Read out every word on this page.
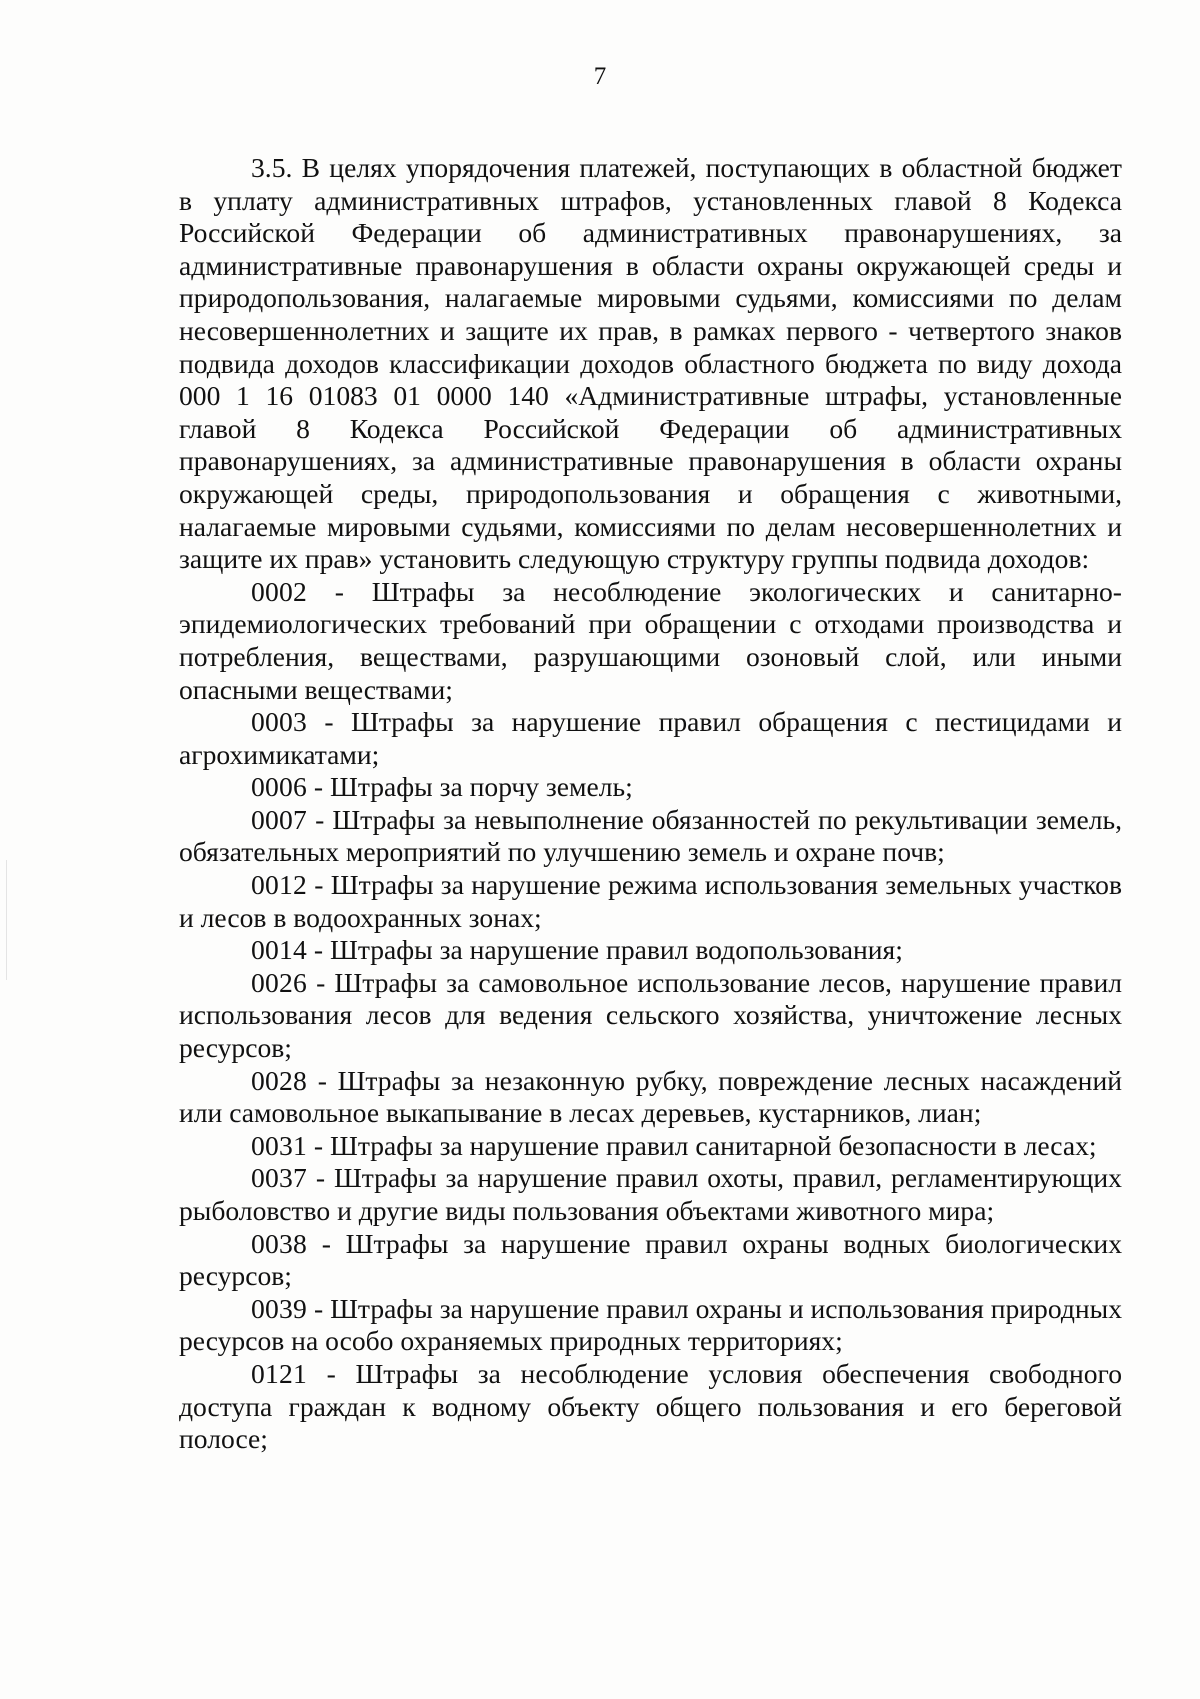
7

3.5. В целях упорядочения платежей, поступающих в областной бюджет в уплату административных штрафов, установленных главой 8 Кодекса Российской Федерации об административных правонарушениях, за административные правонарушения в области охраны окружающей среды и природопользования, налагаемые мировыми судьями, комиссиями по делам несовершеннолетних и защите их прав, в рамках первого - четвертого знаков подвида доходов классификации доходов областного бюджета по виду дохода 000 1 16 01083 01 0000 140 «Административные штрафы, установленные главой 8 Кодекса Российской Федерации об административных правонарушениях, за административные правонарушения в области охраны окружающей среды, природопользования и обращения с животными, налагаемые мировыми судьями, комиссиями по делам несовершеннолетних и защите их прав» установить следующую структуру группы подвида доходов:

0002 - Штрафы за несоблюдение экологических и санитарно-эпидемиологических требований при обращении с отходами производства и потребления, веществами, разрушающими озоновый слой, или иными опасными веществами;

0003 - Штрафы за нарушение правил обращения с пестицидами и агрохимикатами;

0006 - Штрафы за порчу земель;

0007 - Штрафы за невыполнение обязанностей по рекультивации земель, обязательных мероприятий по улучшению земель и охране почв;

0012 - Штрафы за нарушение режима использования земельных участков и лесов в водоохранных зонах;

0014 - Штрафы за нарушение правил водопользования;

0026 - Штрафы за самовольное использование лесов, нарушение правил использования лесов для ведения сельского хозяйства, уничтожение лесных ресурсов;

0028 - Штрафы за незаконную рубку, повреждение лесных насаждений или самовольное выкапывание в лесах деревьев, кустарников, лиан;

0031 - Штрафы за нарушение правил санитарной безопасности в лесах;

0037 - Штрафы за нарушение правил охоты, правил, регламентирующих рыболовство и другие виды пользования объектами животного мира;

0038 - Штрафы за нарушение правил охраны водных биологических ресурсов;

0039 - Штрафы за нарушение правил охраны и использования природных ресурсов на особо охраняемых природных территориях;

0121 - Штрафы за несоблюдение условия обеспечения свободного доступа граждан к водному объекту общего пользования и его береговой полосе;
